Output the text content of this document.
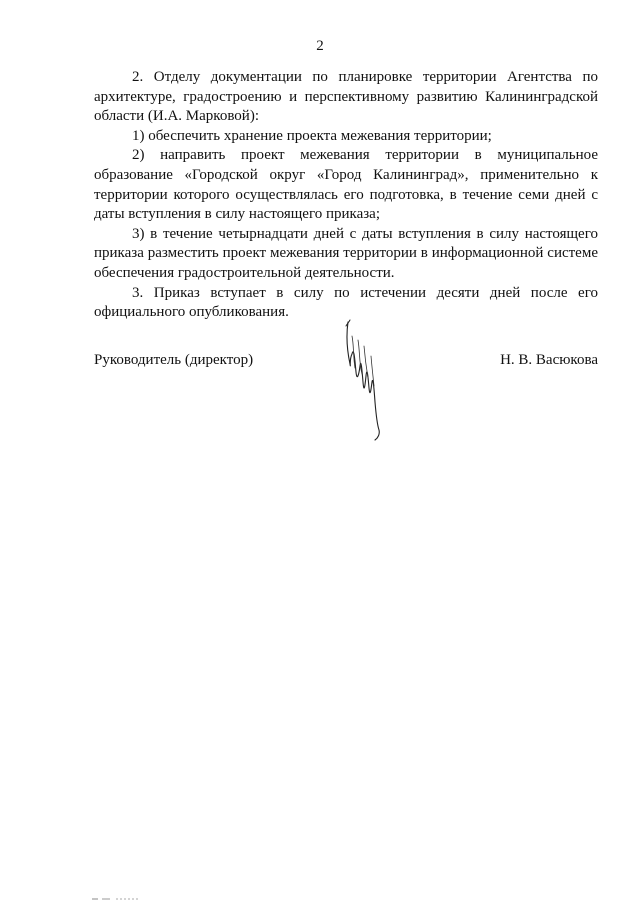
2

2. Отделу документации по планировке территории Агентства по архитектуре, градостроению и перспективному развитию Калининградской области (И.А. Марковой):

1) обеспечить хранение проекта межевания территории;

2) направить проект межевания территории в муниципальное образование «Городской округ «Город Калининград», применительно к территории которого осуществлялась его подготовка, в течение семи дней с даты вступления в силу настоящего приказа;

3) в течение четырнадцати дней с даты вступления в силу настоящего приказа разместить проект межевания территории в информационной системе обеспечения градостроительной деятельности.

3. Приказ вступает в силу по истечении десяти дней после его официального опубликования.

Руководитель (директор)	Н. В. Васюкова
